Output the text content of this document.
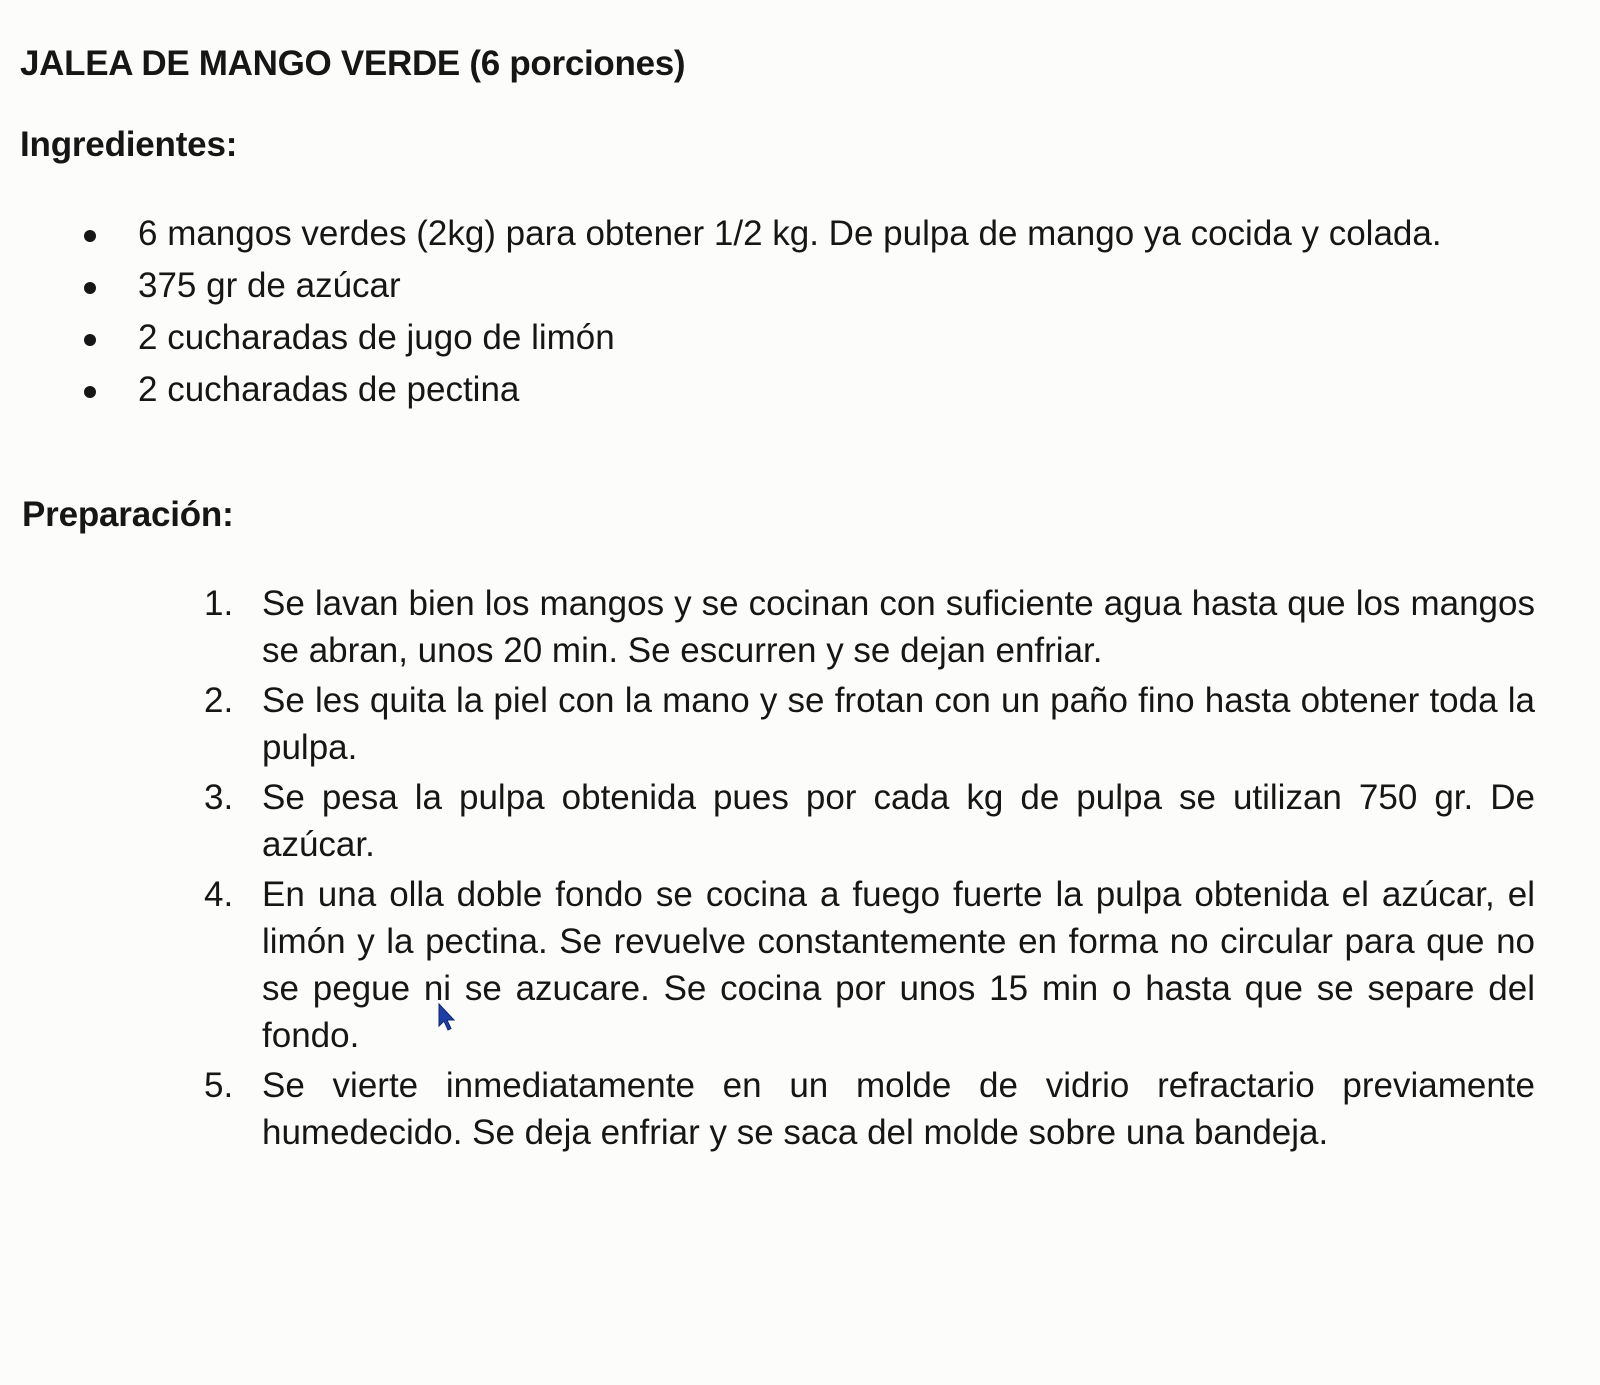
JALEA DE MANGO VERDE (6 porciones)
Ingredientes:
6 mangos verdes (2kg) para obtener 1/2 kg. De pulpa de mango ya cocida y colada.
375 gr de azúcar
2 cucharadas de jugo de limón
2 cucharadas de pectina
Preparación:
1. Se lavan bien los mangos y se cocinan con suficiente agua hasta que los mangos se abran, unos 20 min. Se escurren y se dejan enfriar.
2. Se les quita la piel con la mano y se frotan con un paño fino hasta obtener toda la pulpa.
3. Se pesa la pulpa obtenida pues por cada kg de pulpa se utilizan 750 gr. De azúcar.
4. En una olla doble fondo se cocina a fuego fuerte la pulpa obtenida el azúcar, el limón y la pectina. Se revuelve constantemente en forma no circular para que no se pegue ni se azucare. Se cocina por unos 15 min o hasta que se separe del fondo.
5. Se vierte inmediatamente en un molde de vidrio refractario previamente humedecido. Se deja enfriar y se saca del molde sobre una bandeja.
